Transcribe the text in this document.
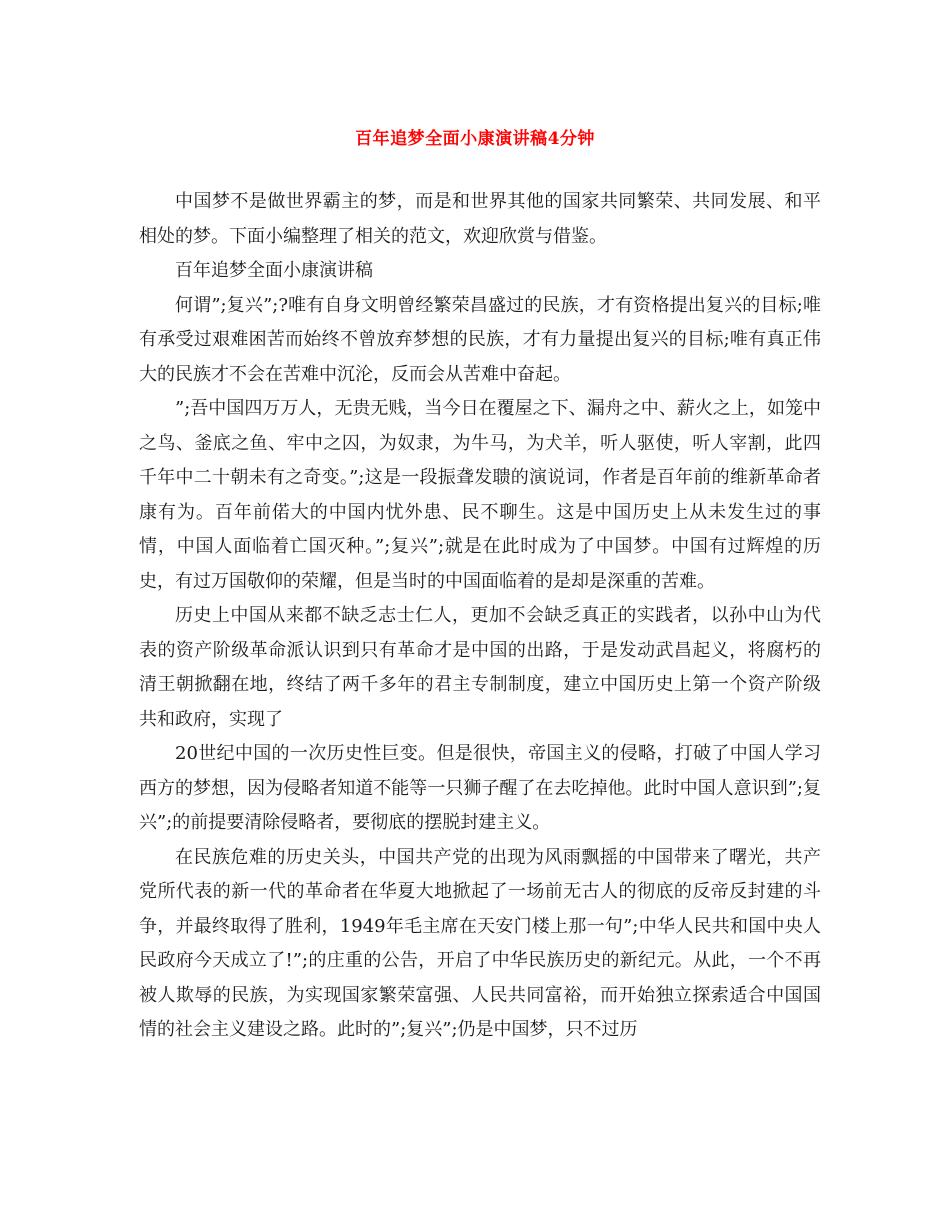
百年追梦全面小康演讲稿4分钟

中国梦不是做世界霸主的梦，而是和世界其他的国家共同繁荣、共同发展、和平相处的梦。下面小编整理了相关的范文，欢迎欣赏与借鉴。

百年追梦全面小康演讲稿

何谓”;复兴”;?唯有自身文明曾经繁荣昌盛过的民族，才有资格提出复兴的目标;唯有承受过艰难困苦而始终不曾放弃梦想的民族，才有力量提出复兴的目标;唯有真正伟大的民族才不会在苦难中沉沦，反而会从苦难中奋起。

”;吾中国四万万人，无贵无贱，当今日在覆屋之下、漏舟之中、薪火之上，如笼中之鸟、釜底之鱼、牢中之囚，为奴隶，为牛马，为犬羊，听人驱使，听人宰割，此四千年中二十朝未有之奇变。”;这是一段振聋发聩的演说词，作者是百年前的维新革命者康有为。百年前偌大的中国内忧外患、民不聊生。这是中国历史上从未发生过的事情，中国人面临着亡国灭种。”;复兴”;就是在此时成为了中国梦。中国有过辉煌的历史，有过万国敬仰的荣耀，但是当时的中国面临着的是却是深重的苦难。

历史上中国从来都不缺乏志士仁人，更加不会缺乏真正的实践者，以孙中山为代表的资产阶级革命派认识到只有革命才是中国的出路，于是发动武昌起义，将腐朽的清王朝掀翻在地，终结了两千多年的君主专制制度，建立中国历史上第一个资产阶级共和政府，实现了

20世纪中国的一次历史性巨变。但是很快，帝国主义的侵略，打破了中国人学习西方的梦想，因为侵略者知道不能等一只狮子醒了在去吃掉他。此时中国人意识到”;复兴”;的前提要清除侵略者，要彻底的摆脱封建主义。

在民族危难的历史关头，中国共产党的出现为风雨飘摇的中国带来了曙光，共产党所代表的新一代的革命者在华夏大地掀起了一场前无古人的彻底的反帝反封建的斗争，并最终取得了胜利，1949年毛主席在天安门楼上那一句”;中华人民共和国中央人民政府今天成立了!”;的庄重的公告，开启了中华民族历史的新纪元。从此，一个不再被人欺辱的民族，为实现国家繁荣富强、人民共同富裕，而开始独立探索适合中国国情的社会主义建设之路。此时的”;复兴”;仍是中国梦，只不过历
